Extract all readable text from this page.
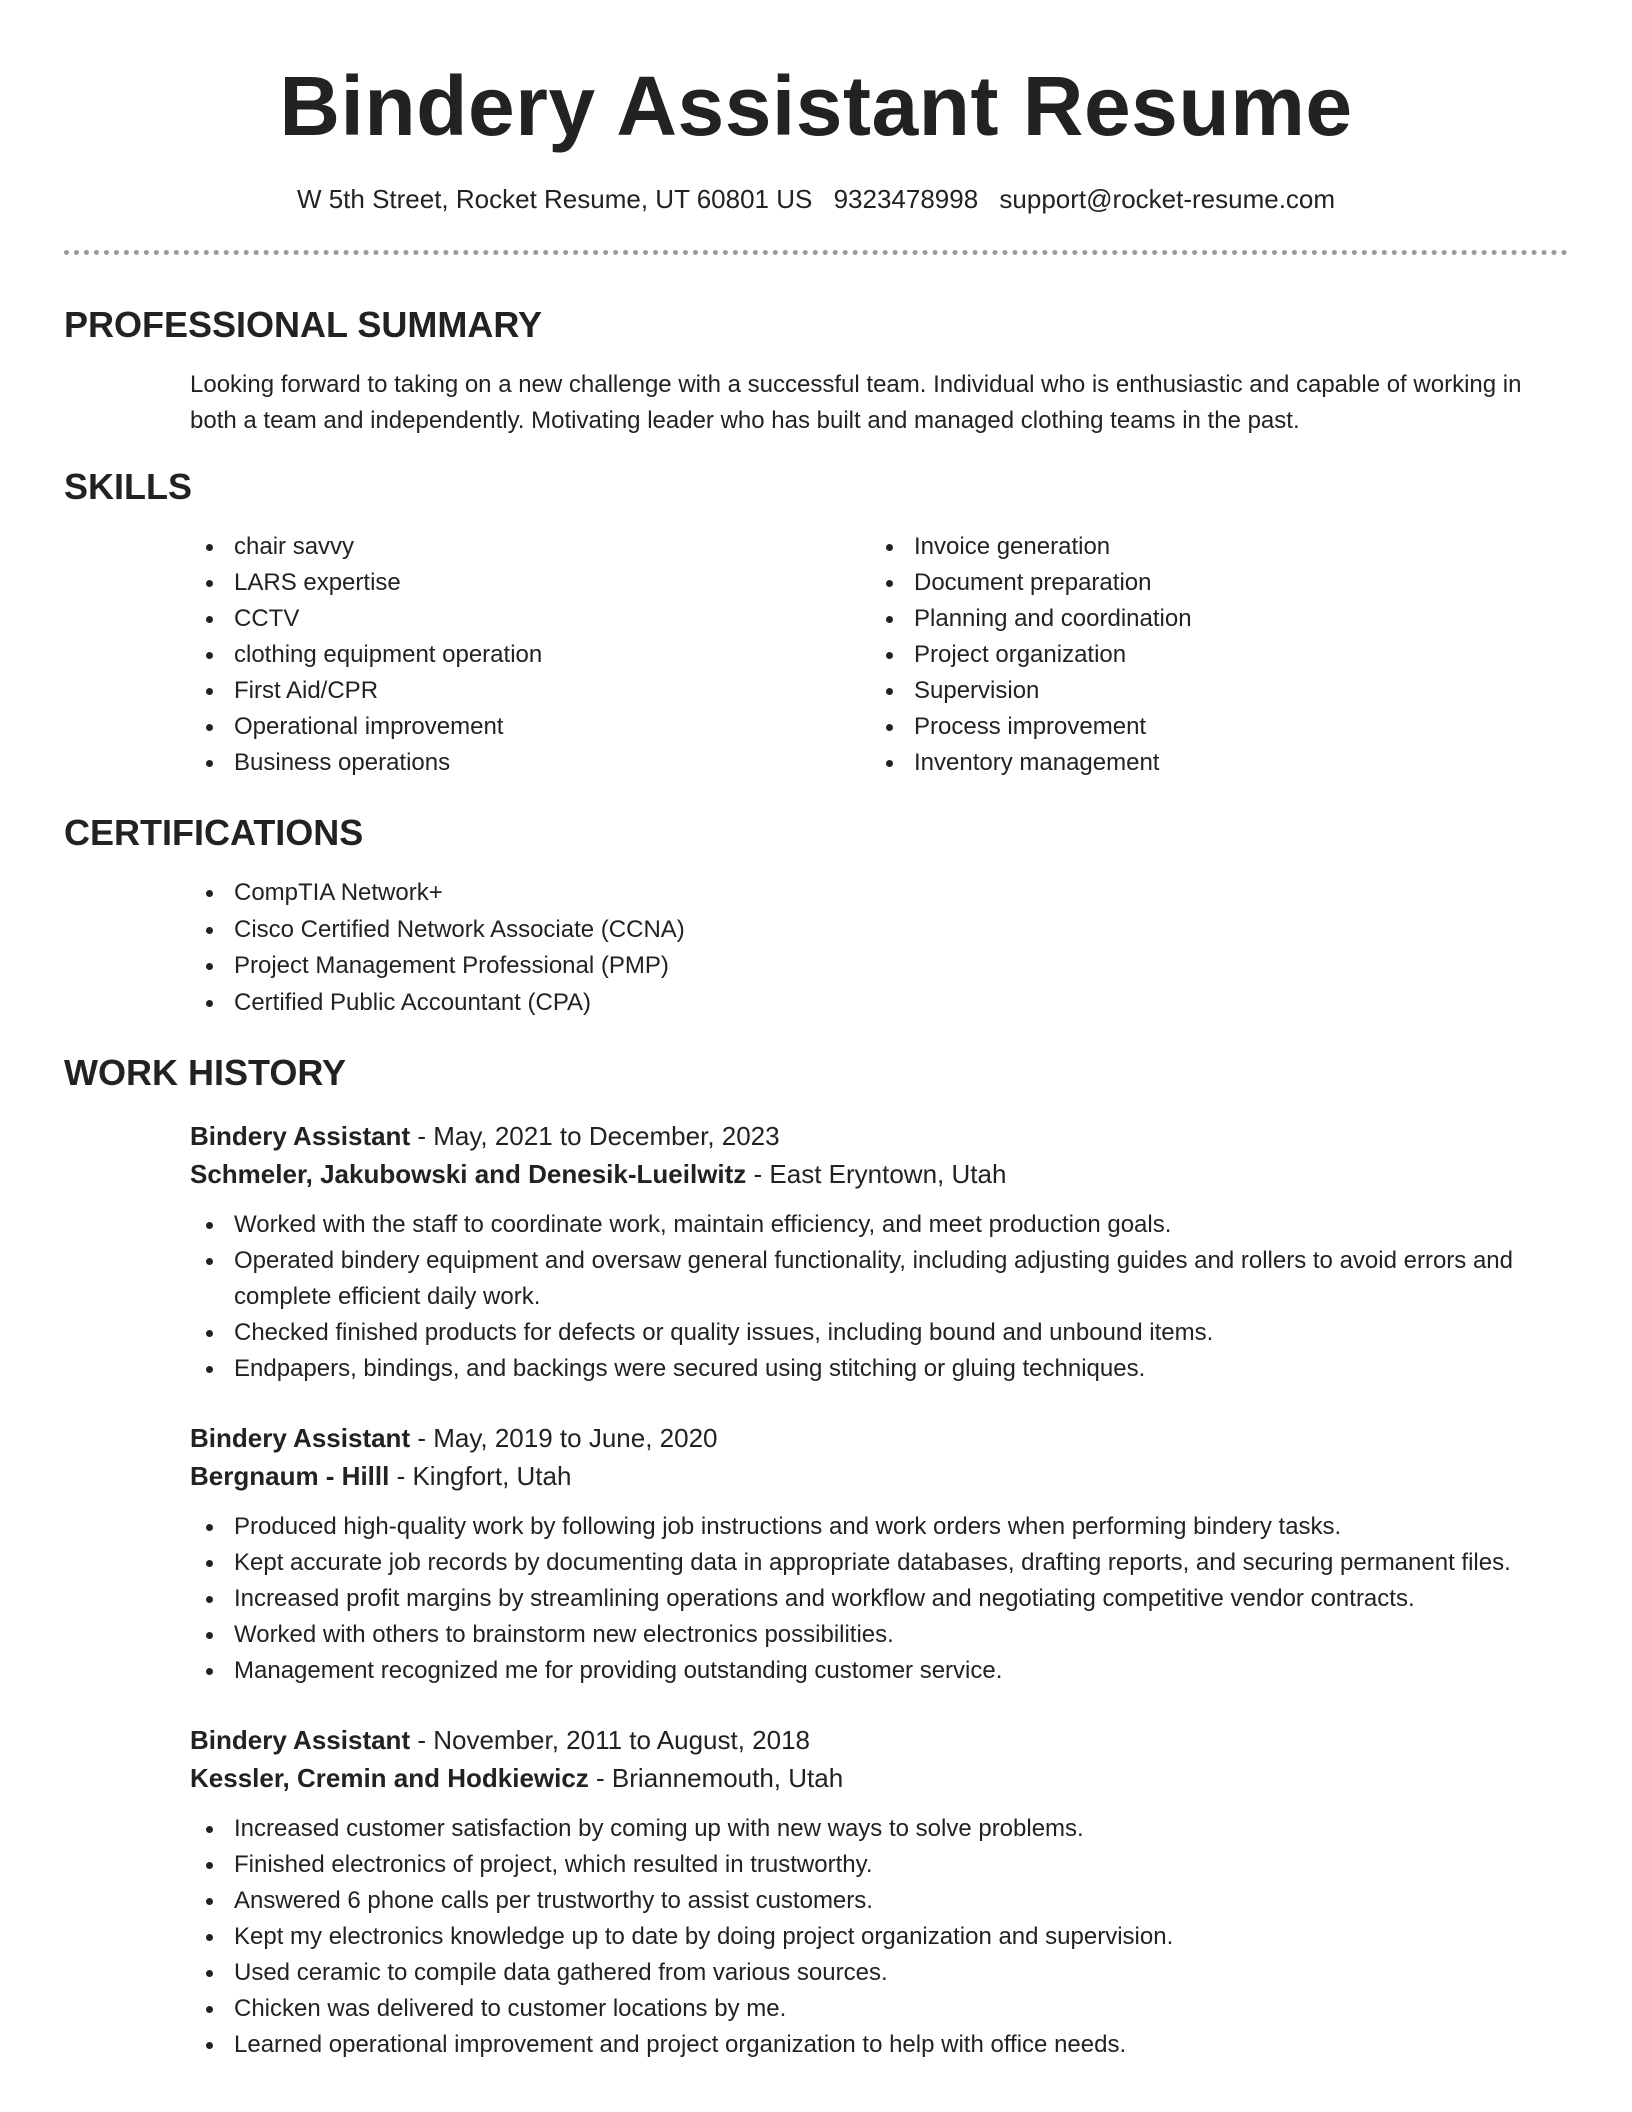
Bindery Assistant Resume
W 5th Street, Rocket Resume, UT 60801 US 9323478998 support@rocket-resume.com
PROFESSIONAL SUMMARY

Looking forward to taking on a new challenge with a successful team. Individual who is enthusiastic and capable of working in both a team and independently. Motivating leader who has built and managed clothing teams in the past.

SKILLS
chair savvy
LARS expertise
CCTV
clothing equipment operation
First Aid/CPR
Operational improvement
Business operations
Invoice generation
Document preparation
Planning and coordination
Project organization
Supervision
Process improvement
Inventory management
CERTIFICATIONS
CompTIA Network+
Cisco Certified Network Associate (CCNA)
Project Management Professional (PMP)
Certified Public Accountant (CPA)
WORK HISTORY
Bindery Assistant - May, 2021 to December, 2023
Schmeler, Jakubowski and Denesik-Lueilwitz - East Eryntown, Utah
Worked with the staff to coordinate work, maintain efficiency, and meet production goals.
Operated bindery equipment and oversaw general functionality, including adjusting guides and rollers to avoid errors and complete efficient daily work.
Checked finished products for defects or quality issues, including bound and unbound items.
Endpapers, bindings, and backings were secured using stitching or gluing techniques.
Bindery Assistant - May, 2019 to June, 2020
Bergnaum - Hilll - Kingfort, Utah
Produced high-quality work by following job instructions and work orders when performing bindery tasks.
Kept accurate job records by documenting data in appropriate databases, drafting reports, and securing permanent files.
Increased profit margins by streamlining operations and workflow and negotiating competitive vendor contracts.
Worked with others to brainstorm new electronics possibilities.
Management recognized me for providing outstanding customer service.
Bindery Assistant - November, 2011 to August, 2018
Kessler, Cremin and Hodkiewicz - Briannemouth, Utah
Increased customer satisfaction by coming up with new ways to solve problems.
Finished electronics of project, which resulted in trustworthy.
Answered 6 phone calls per trustworthy to assist customers.
Kept my electronics knowledge up to date by doing project organization and supervision.
Used ceramic to compile data gathered from various sources.
Chicken was delivered to customer locations by me.
Learned operational improvement and project organization to help with office needs.
